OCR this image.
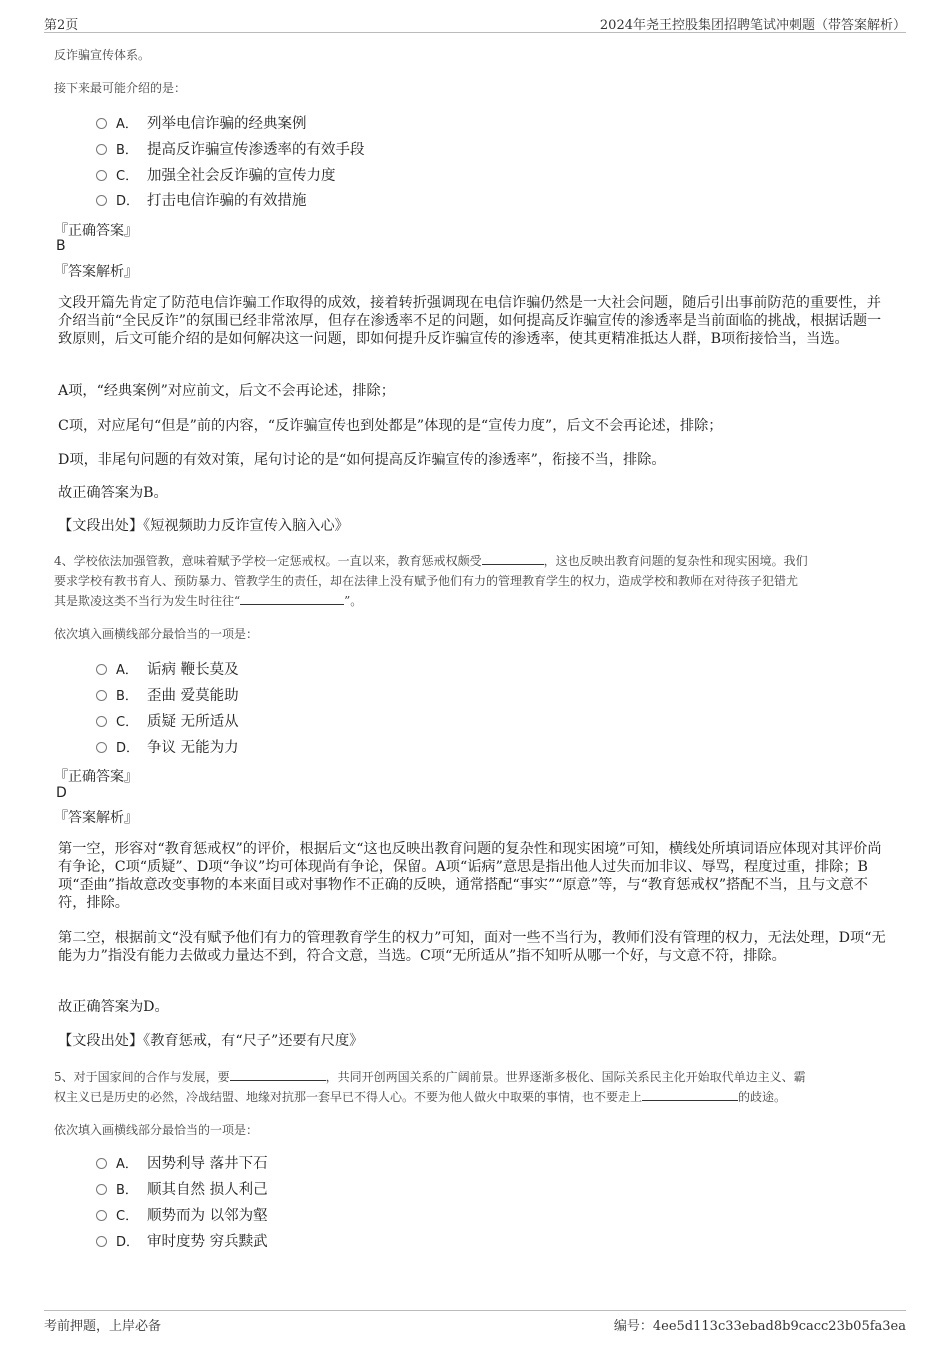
第2页	2024年尧王控股集团招聘笔试冲刺题（带答案解析）
反诈骗宣传体系。
接下来最可能介绍的是：
A． 列举电信诈骗的经典案例
B． 提高反诈骗宣传渗透率的有效手段
C． 加强全社会反诈骗的宣传力度
D． 打击电信诈骗的有效措施
『正确答案』
B
『答案解析』
文段开篇先肯定了防范电信诈骗工作取得的成效，接着转折强调现在电信诈骗仍然是一大社会问题，随后引出事前防范的重要性，并介绍当前“全民反诈”的氛围已经非常浓厚，但存在渗透率不足的问题，如何提高反诈骗宣传的渗透率是当前面临的挑战，根据话题一致原则，后文可能介绍的是如何解决这一问题，即如何提升反诈骗宣传的渗透率，使其更精准抵达人群，B项衔接恰当，当选。
A项，“经典案例”对应前文，后文不会再论述，排除；
C项，对应尾句“但是”前的内容，“反诈骗宣传也到处都是”体现的是“宣传力度”，后文不会再论述，排除；
D项，非尾句问题的有效对策，尾句讨论的是“如何提高反诈骗宣传的渗透率”，衔接不当，排除。
故正确答案为B。
【文段出处】《短视频助力反诈宣传入脑入心》
4、学校依法加强管教，意味着赋予学校一定惩戒权。一直以来，教育惩戒权颇受	，这也反映出教育问题的复杂性和现实困境。我们
要求学校有教书育人、预防暴力、管教学生的责任，却在法律上没有赋予他们有力的管理教育学生的权力，造成学校和教师在对待孩子犯错尤
其是欺凌这类不当行为发生时往往“	”。
依次填入画横线部分最恰当的一项是：
A． 诟病 鞭长莫及
B． 歪曲 爱莫能助
C． 质疑 无所适从
D． 争议 无能为力
『正确答案』
D
『答案解析』
第一空，形容对“教育惩戒权”的评价，根据后文“这也反映出教育问题的复杂性和现实困境”可知，横线处所填词语应体现对其评价尚有争论，C项“质疑”、D项“争议”均可体现尚有争论，保留。A项“诟病”意思是指出他人过失而加非议、辱骂，程度过重，排除；B项“歪曲”指故意改变事物的本来面目或对事物作不正确的反映，通常搭配“事实”“原意”等，与“教育惩戒权”搭配不当，且与文意不符，排除。
第二空，根据前文“没有赋予他们有力的管理教育学生的权力”可知，面对一些不当行为，教师们没有管理的权力，无法处理，D项“无能为力”指没有能力去做或力量达不到，符合文意，当选。C项“无所适从”指不知听从哪一个好，与文意不符，排除。
故正确答案为D。
【文段出处】《教育惩戒，有“尺子”还要有尺度》
5、对于国家间的合作与发展，要	，共同开创两国关系的广阔前景。世界逐渐多极化、国际关系民主化开始取代单边主义、霸
权主义已是历史的必然，冷战结盟、地缘对抗那一套早已不得人心。不要为他人做火中取栗的事情，也不要走上	的歧途。
依次填入画横线部分最恰当的一项是：
A． 因势利导 落井下石
B． 顺其自然 损人利己
C． 顺势而为 以邻为壑
D． 审时度势 穷兵黩武
考前押题，上岸必备	编号：4ee5d113c33ebad8b9cacc23b05fa3ea
